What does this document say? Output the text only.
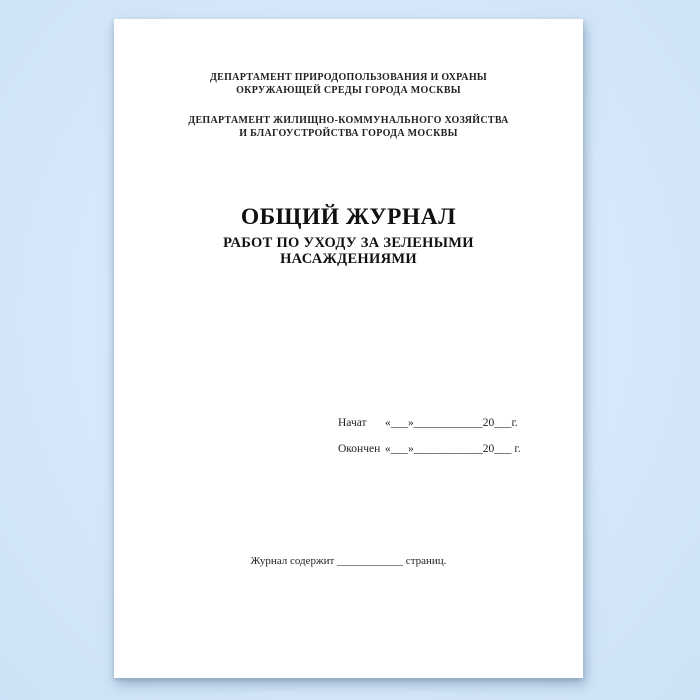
ДЕПАРТАМЕНТ ПРИРОДОПОЛЬЗОВАНИЯ И ОХРАНЫ
ОКРУЖАЮЩЕЙ СРЕДЫ ГОРОДА МОСКВЫ
ДЕПАРТАМЕНТ ЖИЛИЩНО-КОММУНАЛЬНОГО ХОЗЯЙСТВА
И БЛАГОУСТРОЙСТВА ГОРОДА МОСКВЫ
ОБЩИЙ ЖУРНАЛ
РАБОТ ПО УХОДУ ЗА ЗЕЛЕНЫМИ
НАСАЖДЕНИЯМИ
Начат «___»____________20___г.
Окончен «___»____________20___ г.
Журнал содержит ____________ страниц.
